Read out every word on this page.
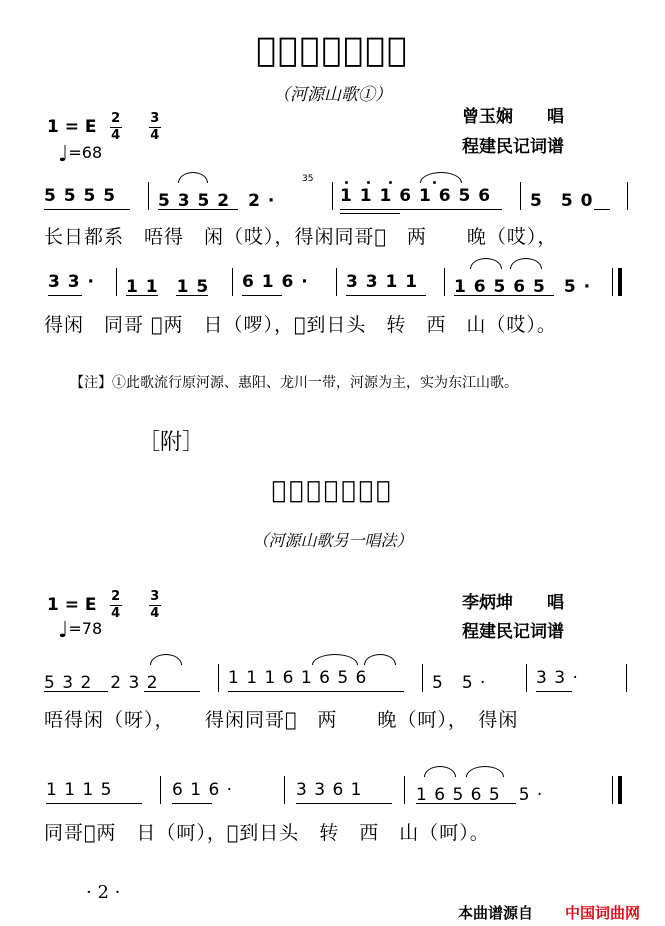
𠯠到日头转西山
（河源山歌①）
1 = E $\frac{2}{4}$
$\frac{3}{4}$
♩=68
曾玉娴　　唱
程建民记词谱
5 5 5 5 5 3 5 2　2 ·
35
1 1 1 6 1 6 5 6 5　5 0
长日都系　唔得　闲（哎），得闲同哥𠯠　两　　晚（哎），
3 3 · 1 1　1 5 6 1 6 · 3 3 1 1 1 6 5 6 5　5 ·
得闲　同哥 𠯠两　日（啰），𠯠到日头　转　西　山（哎）。
【注】①此歌流行原河源、惠阳、龙川一带，河源为主，实为东江山歌。
［附］
𠯠到日头转西山
（河源山歌另一唱法）
1 = E $\frac{2}{4}$
$\frac{3}{4}$
♩=78
李炳坤　　唱
程建民记词谱
5 3 2　2 3 2	1 1 1 6 1 6 5 6	5　5 ·	3 3 ·
唔得闲（呀），　　得闲同哥𠯠　两　　晚（呵），　得闲
1 1 1 5	6 1 6 ·	3 3 6 1	1 6 5 6 5　5 ·
同哥𠯠两　日（呵），𠯠到日头　转　西　山（呵）。
· 2 ·
本曲谱源自 中国词曲网
